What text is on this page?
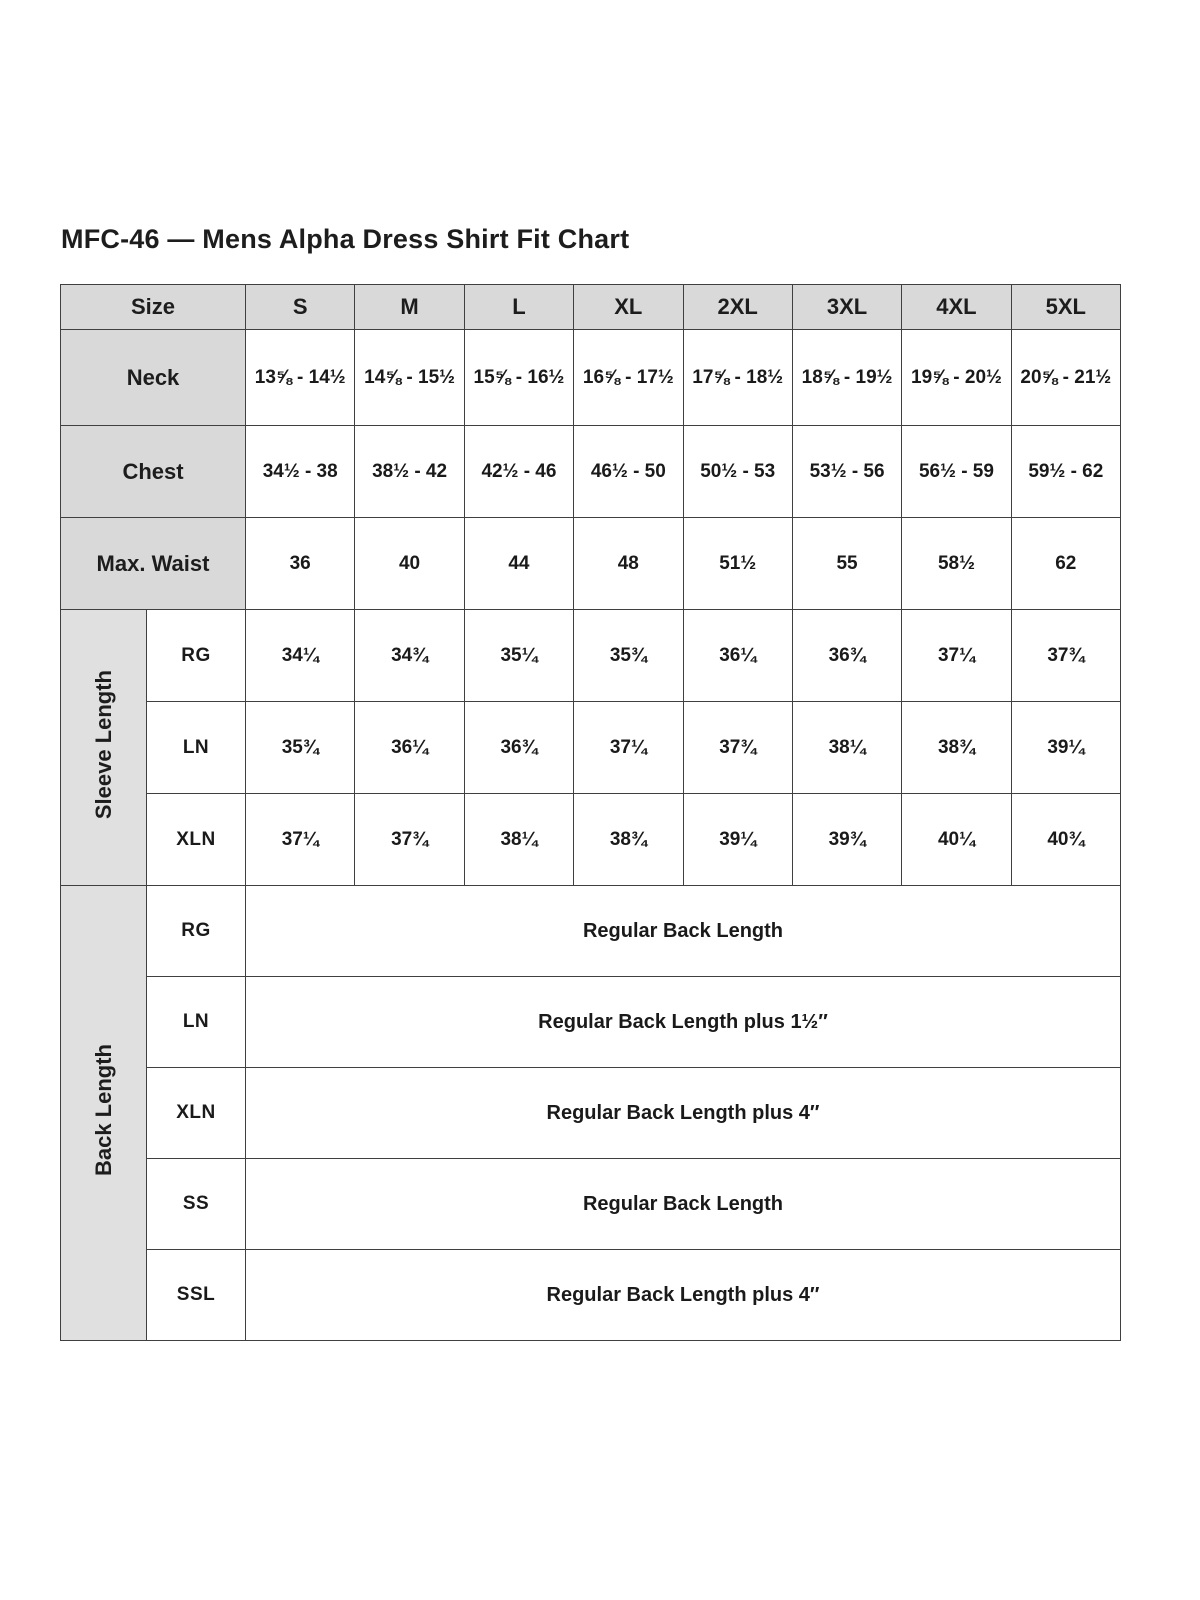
MFC-46 — Mens Alpha Dress Shirt Fit Chart
Size		S	M	L	XL	2XL	3XL	4XL	5XL
Neck		13⅝ - 14½	14⅝ - 15½	15⅝ - 16½	16⅝ - 17½	17⅝ - 18½	18⅝ - 19½	19⅝ - 20½	20⅝ - 21½
Chest		34½ - 38	38½ - 42	42½ - 46	46½ - 50	50½ - 53	53½ - 56	56½ - 59	59½ - 62
Max. Waist		36	40	44	48	51½	55	58½	62
Sleeve Length	RG	34¼	34¾	35¼	35¾	36¼	36¾	37¼	37¾
	LN	35¾	36¼	36¾	37¼	37¾	38¼	38¾	39¼
	XLN	37¼	37¾	38¼	38¾	39¼	39¾	40¼	40¾
Back Length	RG	Regular Back Length							
	LN	Regular Back Length plus 1½″							
	XLN	Regular Back Length plus 4″							
	SS	Regular Back Length							
	SSL	Regular Back Length plus 4″							
